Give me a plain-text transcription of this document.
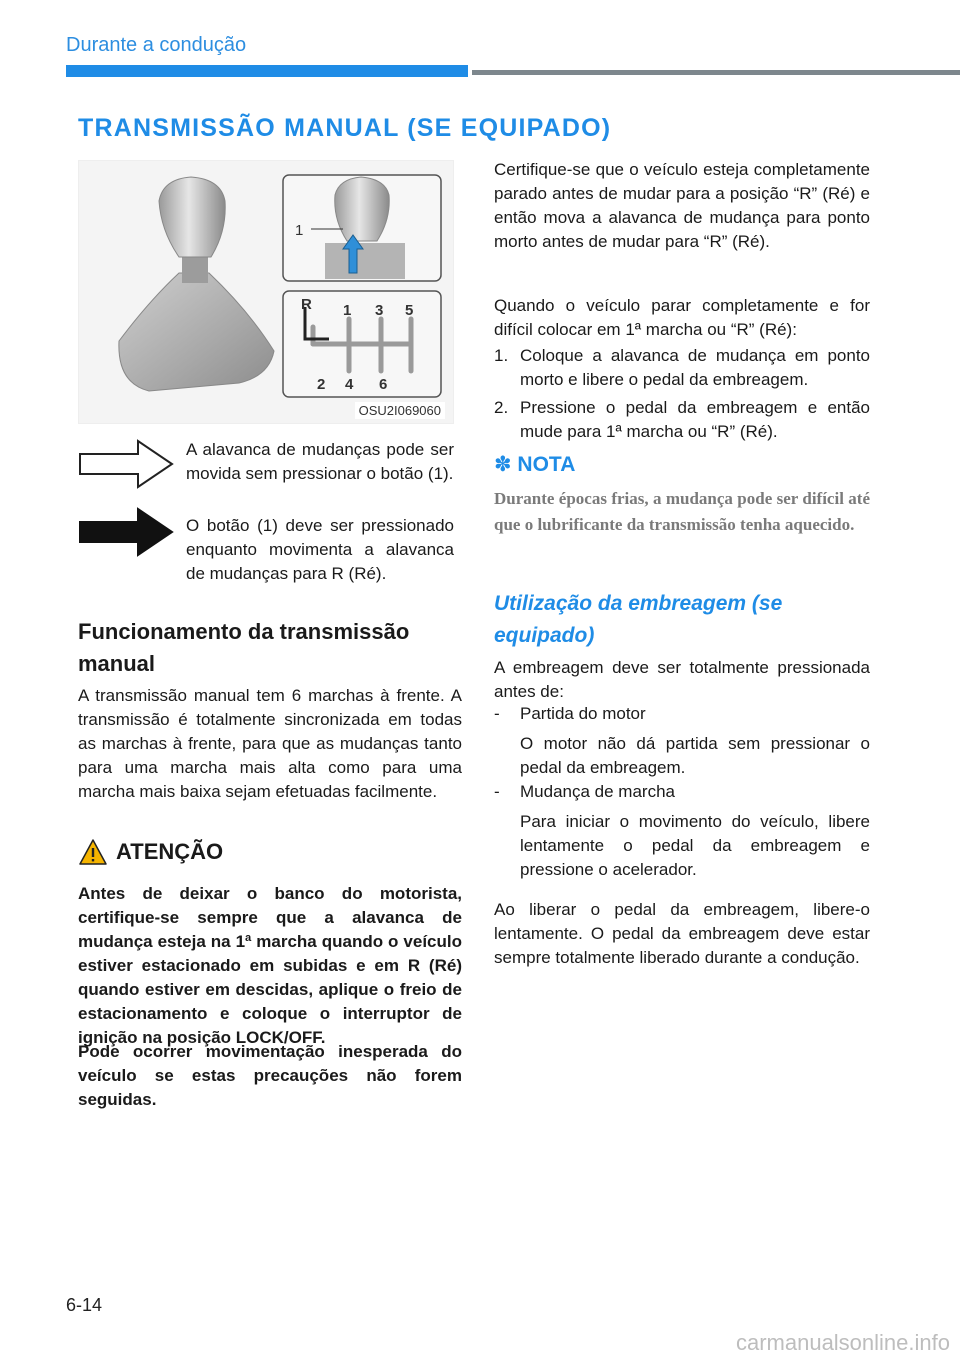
Durante a condução
TRANSMISSÃO MANUAL (SE EQUIPADO)
1
R 1 3 5
2 4 6
OSU2I069060

A alavanca de mudanças pode ser movida sem pressionar o botão (1).

O botão (1) deve ser pressionado enquanto movimenta a alavanca de mudanças para R (Ré).

Funcionamento da transmissão manual

A transmissão manual tem 6 marchas à frente. A transmissão é totalmente sincronizada em todas as marchas à frente, para que as mudanças tanto para uma marcha mais alta como para uma marcha mais baixa sejam efetuadas facilmente.

ATENÇÃO

Antes de deixar o banco do motorista, certifique-se sempre que a alavanca de mudança esteja na 1ª marcha quando o veículo estiver estacionado em subidas e em R (Ré) quando estiver em descidas, aplique o freio de estacionamento e coloque o interruptor de ignição na posição LOCK/OFF.

Pode ocorrer movimentação inesperada do veículo se estas precauções não forem seguidas.

Certifique-se que o veículo esteja completamente parado antes de mudar para a posição “R” (Ré) e então mova a alavanca de mudança para ponto morto antes de mudar para “R” (Ré).

Quando o veículo parar completamente e for difícil colocar em 1ª marcha ou “R” (Ré):

1. Coloque a alavanca de mudança em ponto morto e libere o pedal da embreagem.

2. Pressione o pedal da embreagem e então mude para 1ª marcha ou “R” (Ré).

✽ NOTA

Durante épocas frias, a mudança pode ser difícil até que o lubrificante da transmissão tenha aquecido.

Utilização da embreagem (se equipado)

A embreagem deve ser totalmente pressionada antes de:

- Partida do motor

O motor não dá partida sem pressionar o pedal da embreagem.

- Mudança de marcha

Para iniciar o movimento do veículo, libere lentamente o pedal da embreagem e pressione o acelerador.

Ao liberar o pedal da embreagem, libere-o lentamente. O pedal da embreagem deve estar sempre totalmente liberado durante a condução.

6-14
carmanualsonline.info
